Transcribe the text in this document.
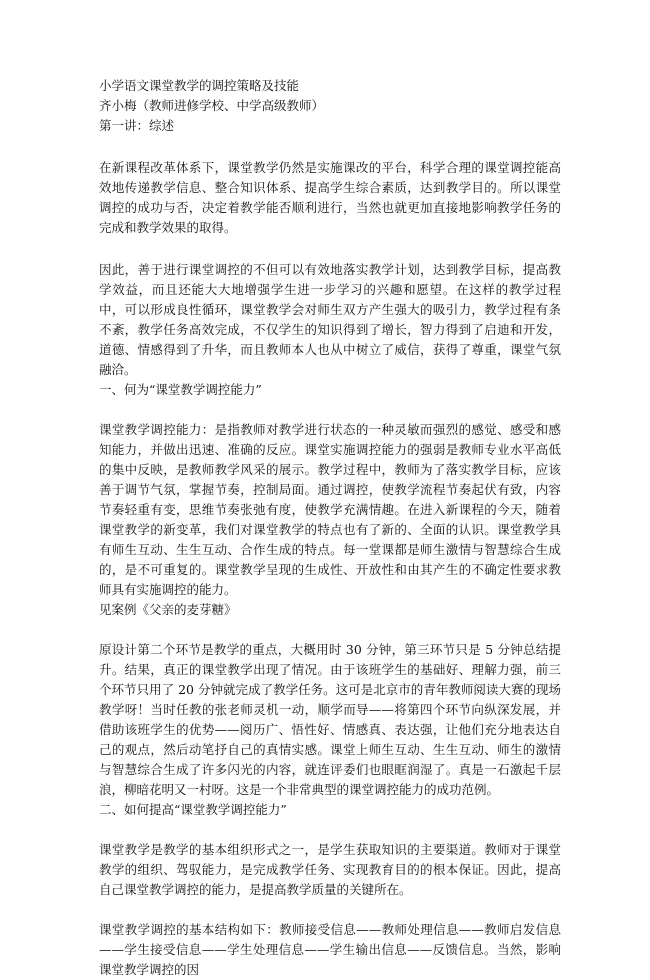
小学语文课堂教学的调控策略及技能

齐小梅（教师进修学校、中学高级教师）

第一讲：综述

在新课程改革体系下，课堂教学仍然是实施课改的平台，科学合理的课堂调控能高效地传递教学信息、整合知识体系、提高学生综合素质，达到教学目的。所以课堂调控的成功与否，决定着教学能否顺利进行，当然也就更加直接地影响教学任务的完成和教学效果的取得。

因此，善于进行课堂调控的不但可以有效地落实教学计划，达到教学目标，提高教学效益，而且还能大大地增强学生进一步学习的兴趣和愿望。在这样的教学过程中，可以形成良性循环，课堂教学会对师生双方产生强大的吸引力，教学过程有条不紊，教学任务高效完成，不仅学生的知识得到了增长，智力得到了启迪和开发，道德、情感得到了升华，而且教师本人也从中树立了威信，获得了尊重，课堂气氛融洽。

一、何为“课堂教学调控能力”

课堂教学调控能力：是指教师对教学进行状态的一种灵敏而强烈的感觉、感受和感知能力，并做出迅速、准确的反应。课堂实施调控能力的强弱是教师专业水平高低的集中反映，是教师教学风采的展示。教学过程中，教师为了落实教学目标，应该善于调节气氛，掌握节奏，控制局面。通过调控，使教学流程节奏起伏有致，内容节奏轻重有变，思维节奏张弛有度，使教学充满情趣。在进入新课程的今天，随着课堂教学的新变革，我们对课堂教学的特点也有了新的、全面的认识。课堂教学具有师生互动、生生互动、合作生成的特点。每一堂课都是师生激情与智慧综合生成的，是不可重复的。课堂教学呈现的生成性、开放性和由其产生的不确定性要求教师具有实施调控的能力。

见案例《父亲的麦芽糖》

原设计第二个环节是教学的重点，大概用时 30 分钟，第三环节只是 5 分钟总结提升。结果，真正的课堂教学出现了情况。由于该班学生的基础好、理解力强，前三个环节只用了 20 分钟就完成了教学任务。这可是北京市的青年教师阅读大赛的现场教学呀！当时任教的张老师灵机一动，顺学而导——将第四个环节向纵深发展，并借助该班学生的优势——阅历广、悟性好、情感真、表达强，让他们充分地表达自己的观点，然后动笔抒自己的真情实感。课堂上师生互动、生生互动、师生的激情与智慧综合生成了许多闪光的内容，就连评委们也眼眶润湿了。真是一石激起千层浪，柳暗花明又一村呀。这是一个非常典型的课堂调控能力的成功范例。

二、如何提高“课堂教学调控能力”

课堂教学是教学的基本组织形式之一，是学生获取知识的主要渠道。教师对于课堂教学的组织、驾驭能力，是完成教学任务、实现教育目的的根本保证。因此，提高自己课堂教学调控的能力，是提高教学质量的关键所在。

课堂教学调控的基本结构如下：教师接受信息——教师处理信息——教师启发信息——学生接受信息——学生处理信息——学生输出信息——反馈信息。当然，影响课堂教学调控的因
